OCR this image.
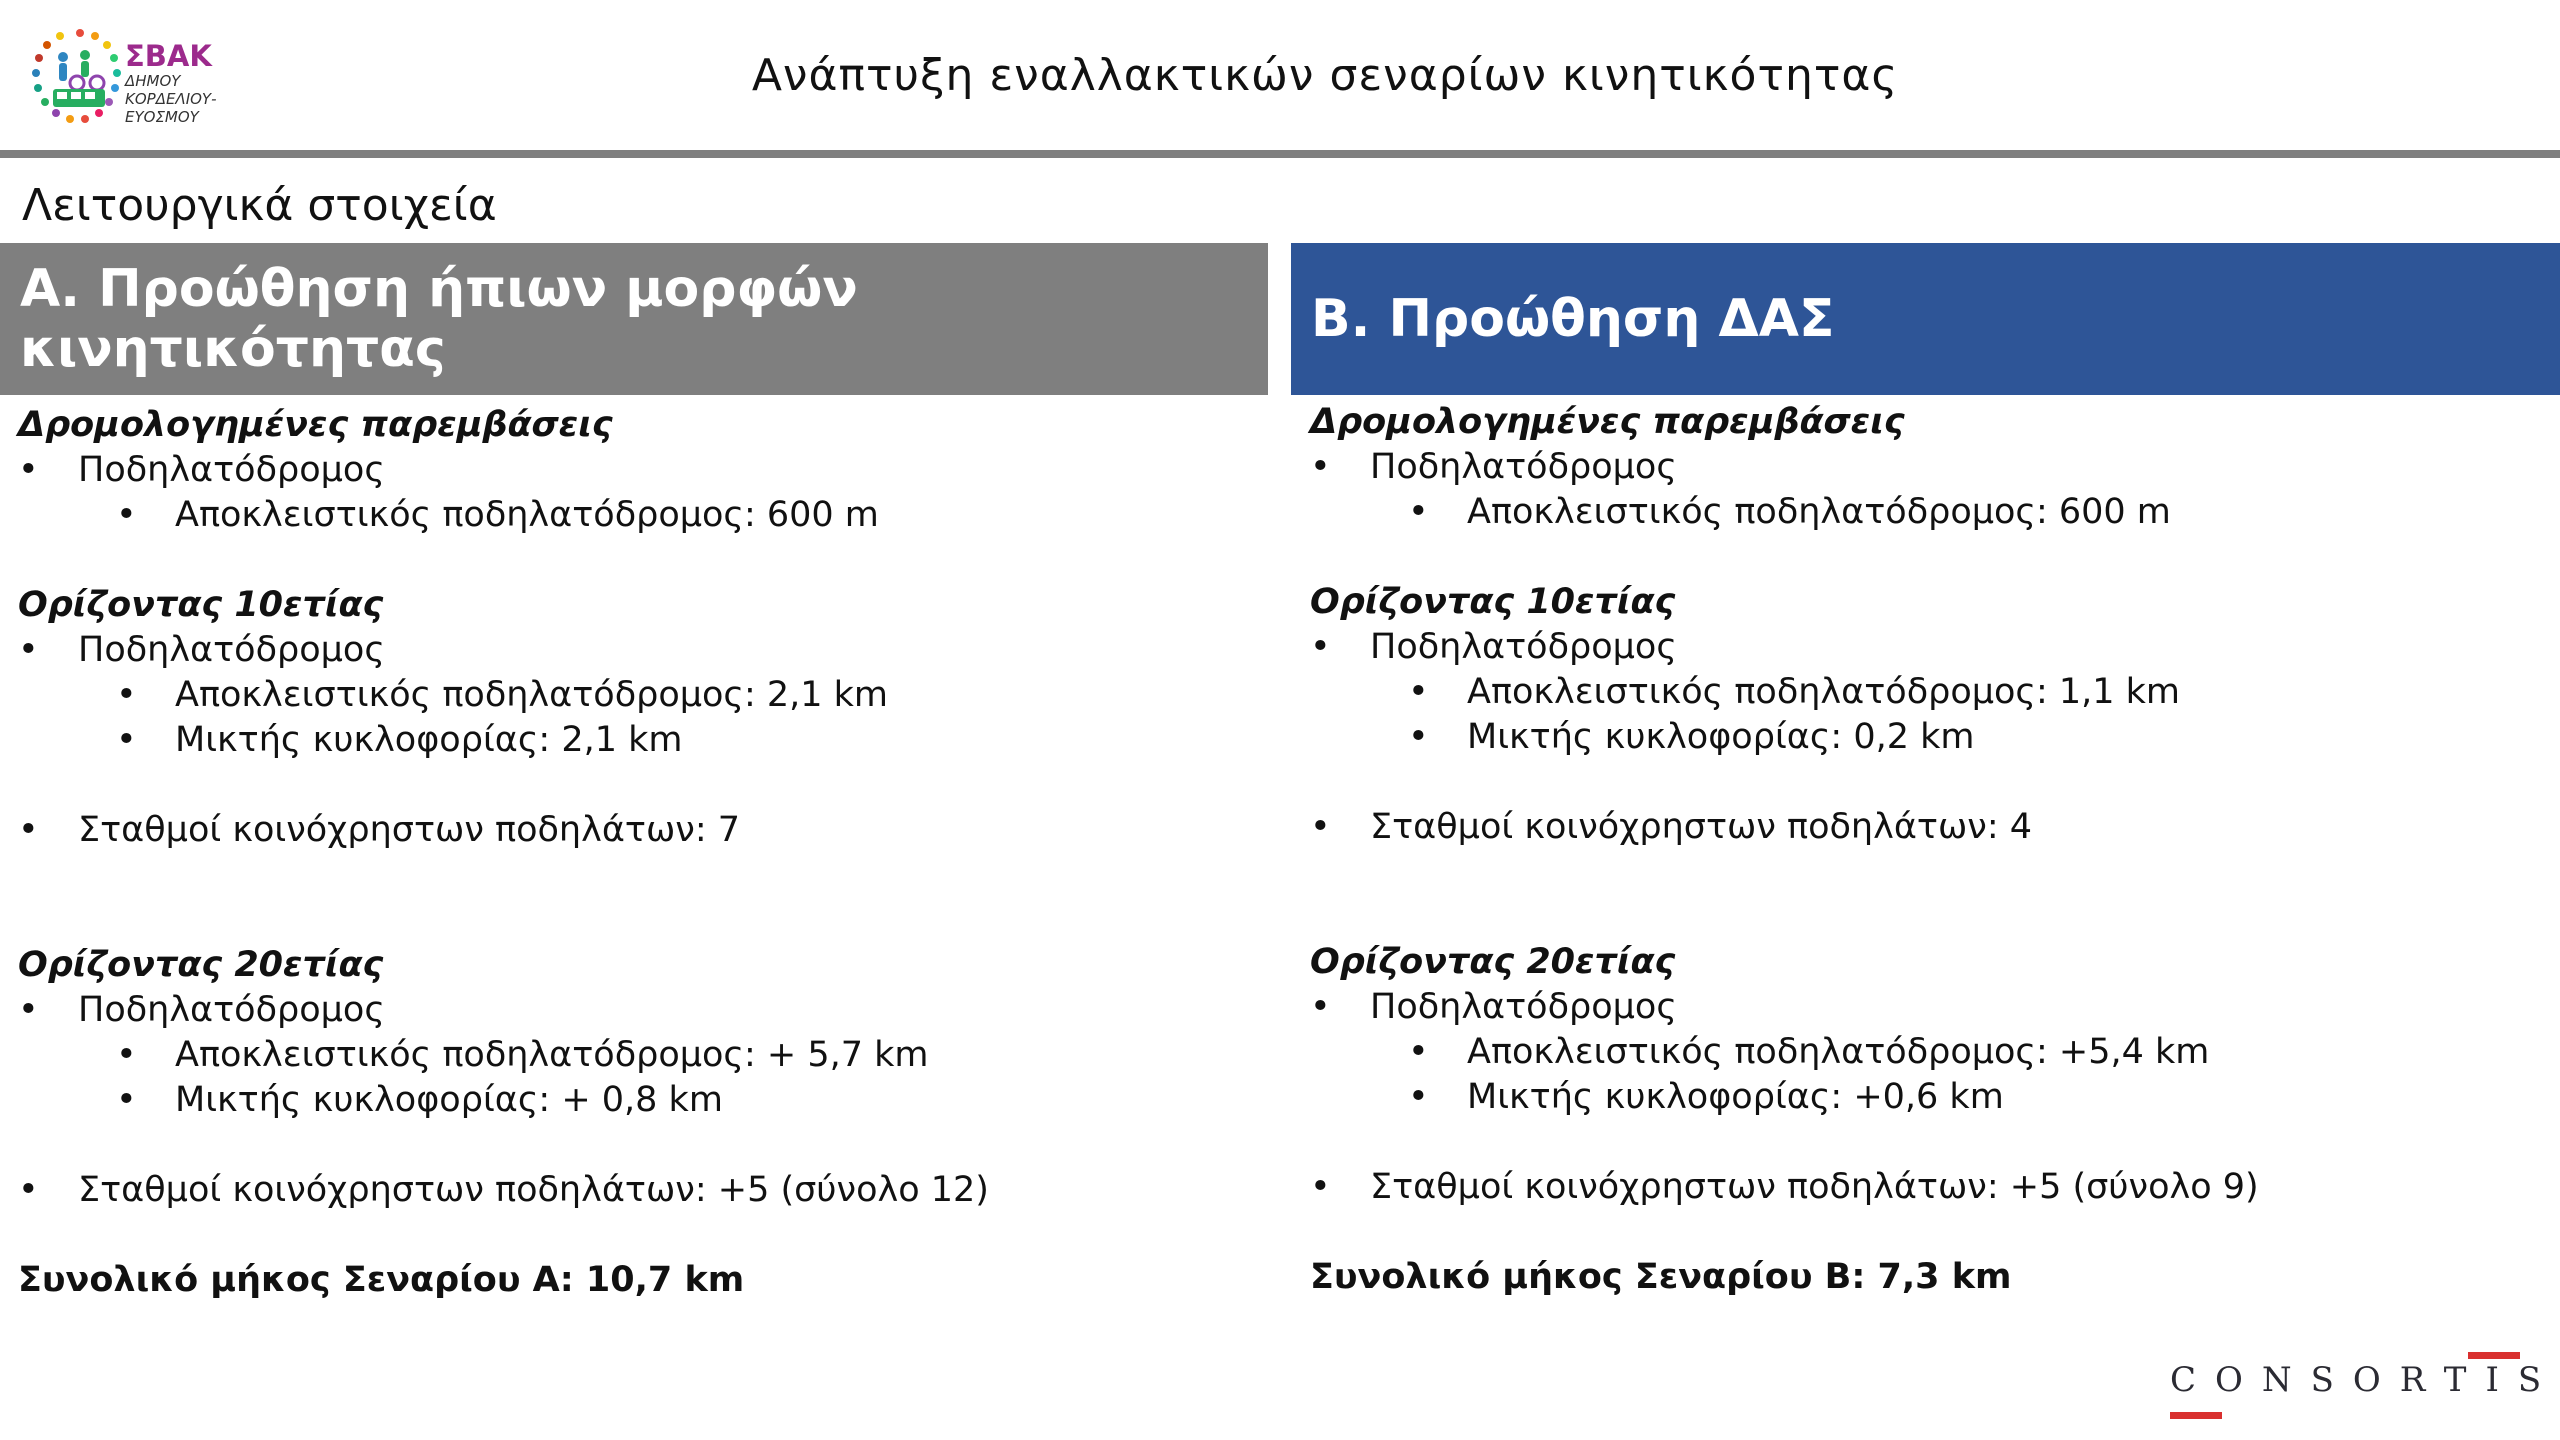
ΣΒΑΚ
ΔΗΜΟΥ
ΚΟΡΔΕΛΙΟΥ-
ΕΥΟΣΜΟΥ
Ανάπτυξη εναλλακτικών σεναρίων κινητικότητας
Λειτουργικά στοιχεία
Α. Προώθηση ήπιων μορφών κινητικότητας	Β. Προώθηση ΔΑΣ
Δρομολογημένες παρεμβάσεις
• Ποδηλατόδρομος
• Αποκλειστικός ποδηλατόδρομος: 600 m
Ορίζοντας 10ετίας
• Ποδηλατόδρομος
• Αποκλειστικός ποδηλατόδρομος: 2,1 km
• Μικτής κυκλοφορίας: 2,1 km
• Σταθμοί κοινόχρηστων ποδηλάτων: 7
Ορίζοντας 20ετίας
• Ποδηλατόδρομος
• Αποκλειστικός ποδηλατόδρομος: + 5,7 km
• Μικτής κυκλοφορίας: + 0,8 km
• Σταθμοί κοινόχρηστων ποδηλάτων: +5 (σύνολο 12)
Συνολικό μήκος Σεναρίου Α: 10,7 km
Δρομολογημένες παρεμβάσεις
• Ποδηλατόδρομος
• Αποκλειστικός ποδηλατόδρομος: 600 m
Ορίζοντας 10ετίας
• Ποδηλατόδρομος
• Αποκλειστικός ποδηλατόδρομος: 1,1 km
• Μικτής κυκλοφορίας: 0,2 km
• Σταθμοί κοινόχρηστων ποδηλάτων: 4
Ορίζοντας 20ετίας
• Ποδηλατόδρομος
• Αποκλειστικός ποδηλατόδρομος: +5,4 km
• Μικτής κυκλοφορίας: +0,6 km
• Σταθμοί κοινόχρηστων ποδηλάτων: +5 (σύνολο 9)
Συνολικό μήκος Σεναρίου Β: 7,3 km
CONSORTIS
